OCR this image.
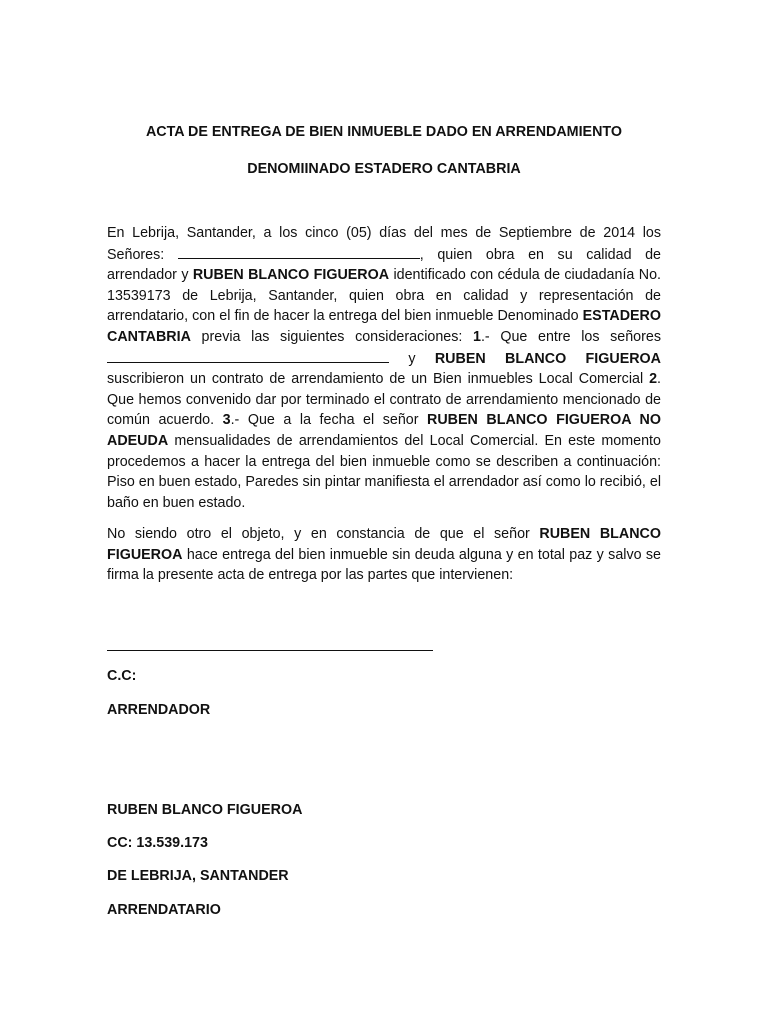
ACTA DE ENTREGA DE BIEN INMUEBLE DADO EN ARRENDAMIENTO
DENOMIINADO ESTADERO CANTABRIA
En Lebrija, Santander, a los cinco (05) días del mes de Septiembre de 2014 los Señores:	, quien obra en su calidad de arrendador y RUBEN BLANCO FIGUEROA identificado con cédula de ciudadanía No. 13539173 de Lebrija, Santander, quien obra en calidad y representación de arrendatario, con el fin de hacer la entrega del bien inmueble Denominado ESTADERO CANTABRIA previa las siguientes consideraciones: 1.- Que entre los señores  y RUBEN BLANCO FIGUEROA suscribieron un contrato de arrendamiento de un Bien inmuebles Local Comercial 2. Que hemos convenido dar por terminado el contrato de arrendamiento mencionado de común acuerdo. 3.- Que a la fecha el señor RUBEN BLANCO FIGUEROA NO ADEUDA mensualidades de arrendamientos del Local Comercial. En este momento procedemos a hacer la entrega del bien inmueble como se describen a continuación: Piso en buen estado, Paredes sin pintar manifiesta el arrendador así como lo recibió, el baño en buen estado.
No siendo otro el objeto, y en constancia de que el señor RUBEN BLANCO FIGUEROA hace entrega del bien inmueble sin deuda alguna y en total paz y salvo se firma la presente acta de entrega por las partes que intervienen:
C.C:
ARRENDADOR
RUBEN BLANCO FIGUEROA
CC: 13.539.173
DE LEBRIJA, SANTANDER
ARRENDATARIO
